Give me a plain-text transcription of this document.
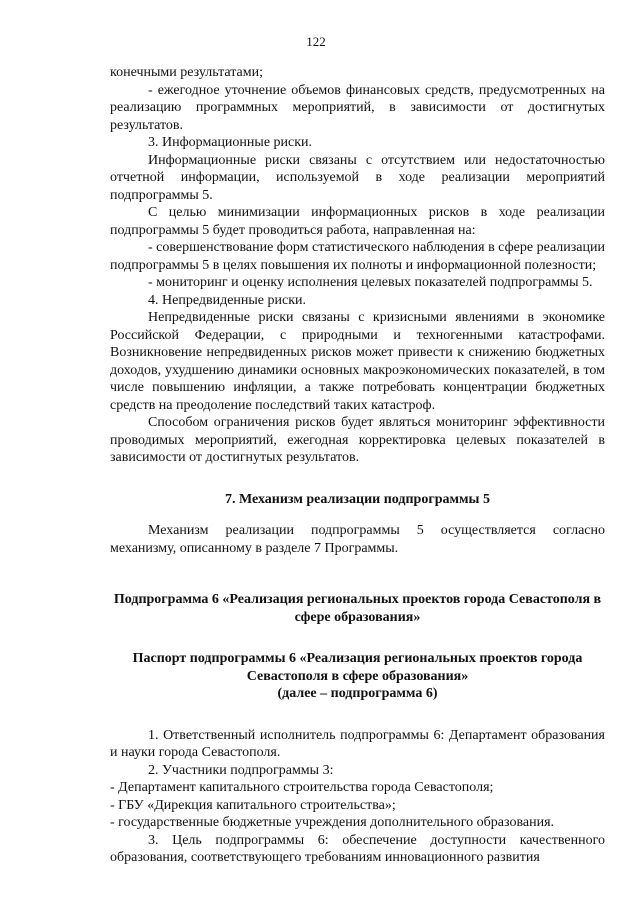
122

конечными результатами;

- ежегодное уточнение объемов финансовых средств, предусмотренных на реализацию программных мероприятий, в зависимости от достигнутых результатов.

3. Информационные риски.

Информационные риски связаны с отсутствием или недостаточностью отчетной информации, используемой в ходе реализации мероприятий подпрограммы 5.

С целью минимизации информационных рисков в ходе реализации подпрограммы 5 будет проводиться работа, направленная на:

- совершенствование форм статистического наблюдения в сфере реализации подпрограммы 5 в целях повышения их полноты и информационной полезности;

- мониторинг и оценку исполнения целевых показателей подпрограммы 5.

4. Непредвиденные риски.

Непредвиденные риски связаны с кризисными явлениями в экономике Российской Федерации, с природными и техногенными катастрофами. Возникновение непредвиденных рисков может привести к снижению бюджетных доходов, ухудшению динамики основных макроэкономических показателей, в том числе повышению инфляции, а также потребовать концентрации бюджетных средств на преодоление последствий таких катастроф.

Способом ограничения рисков будет являться мониторинг эффективности проводимых мероприятий, ежегодная корректировка целевых показателей в зависимости от достигнутых результатов.

7. Механизм реализации подпрограммы 5

Механизм реализации подпрограммы 5 осуществляется согласно механизму, описанному в разделе 7 Программы.

Подпрограмма 6 «Реализация региональных проектов города Севастополя в сфере образования»

Паспорт подпрограммы 6 «Реализация региональных проектов города Севастополя в сфере образования»

(далее – подпрограмма 6)

1. Ответственный исполнитель подпрограммы 6: Департамент образования и науки города Севастополя.

2. Участники подпрограммы 3:

- Департамент капитального строительства города Севастополя;

- ГБУ «Дирекция капитального строительства»;

- государственные бюджетные учреждения дополнительного образования.

3. Цель подпрограммы 6: обеспечение доступности качественного образования, соответствующего требованиям инновационного развития
